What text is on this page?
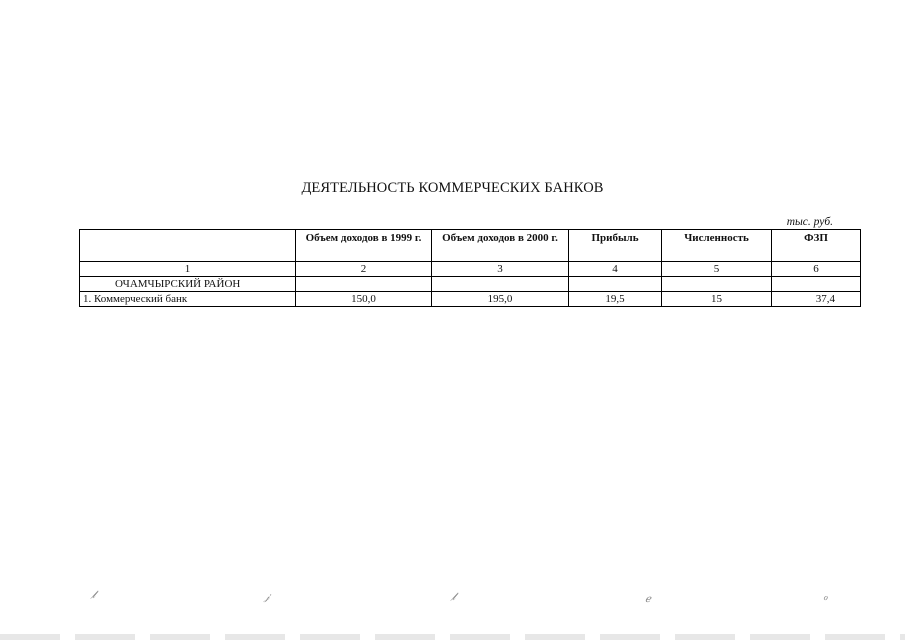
ДЕЯТЕЛЬНОСТЬ КОММЕРЧЕСКИХ БАНКОВ
тыс. руб.
	Объем доходов в 1999 г.	Объем доходов в 2000 г.	Прибыль	Численность	ФЗП
1	2	3	4	5	6
ОЧАМЧЫРСКИЙ РАЙОН					
1. Коммерческий банк	150,0	195,0	19,5	15	37,4
𝓁̸	𝒿	𝓁̸	ℯ	ℴ
